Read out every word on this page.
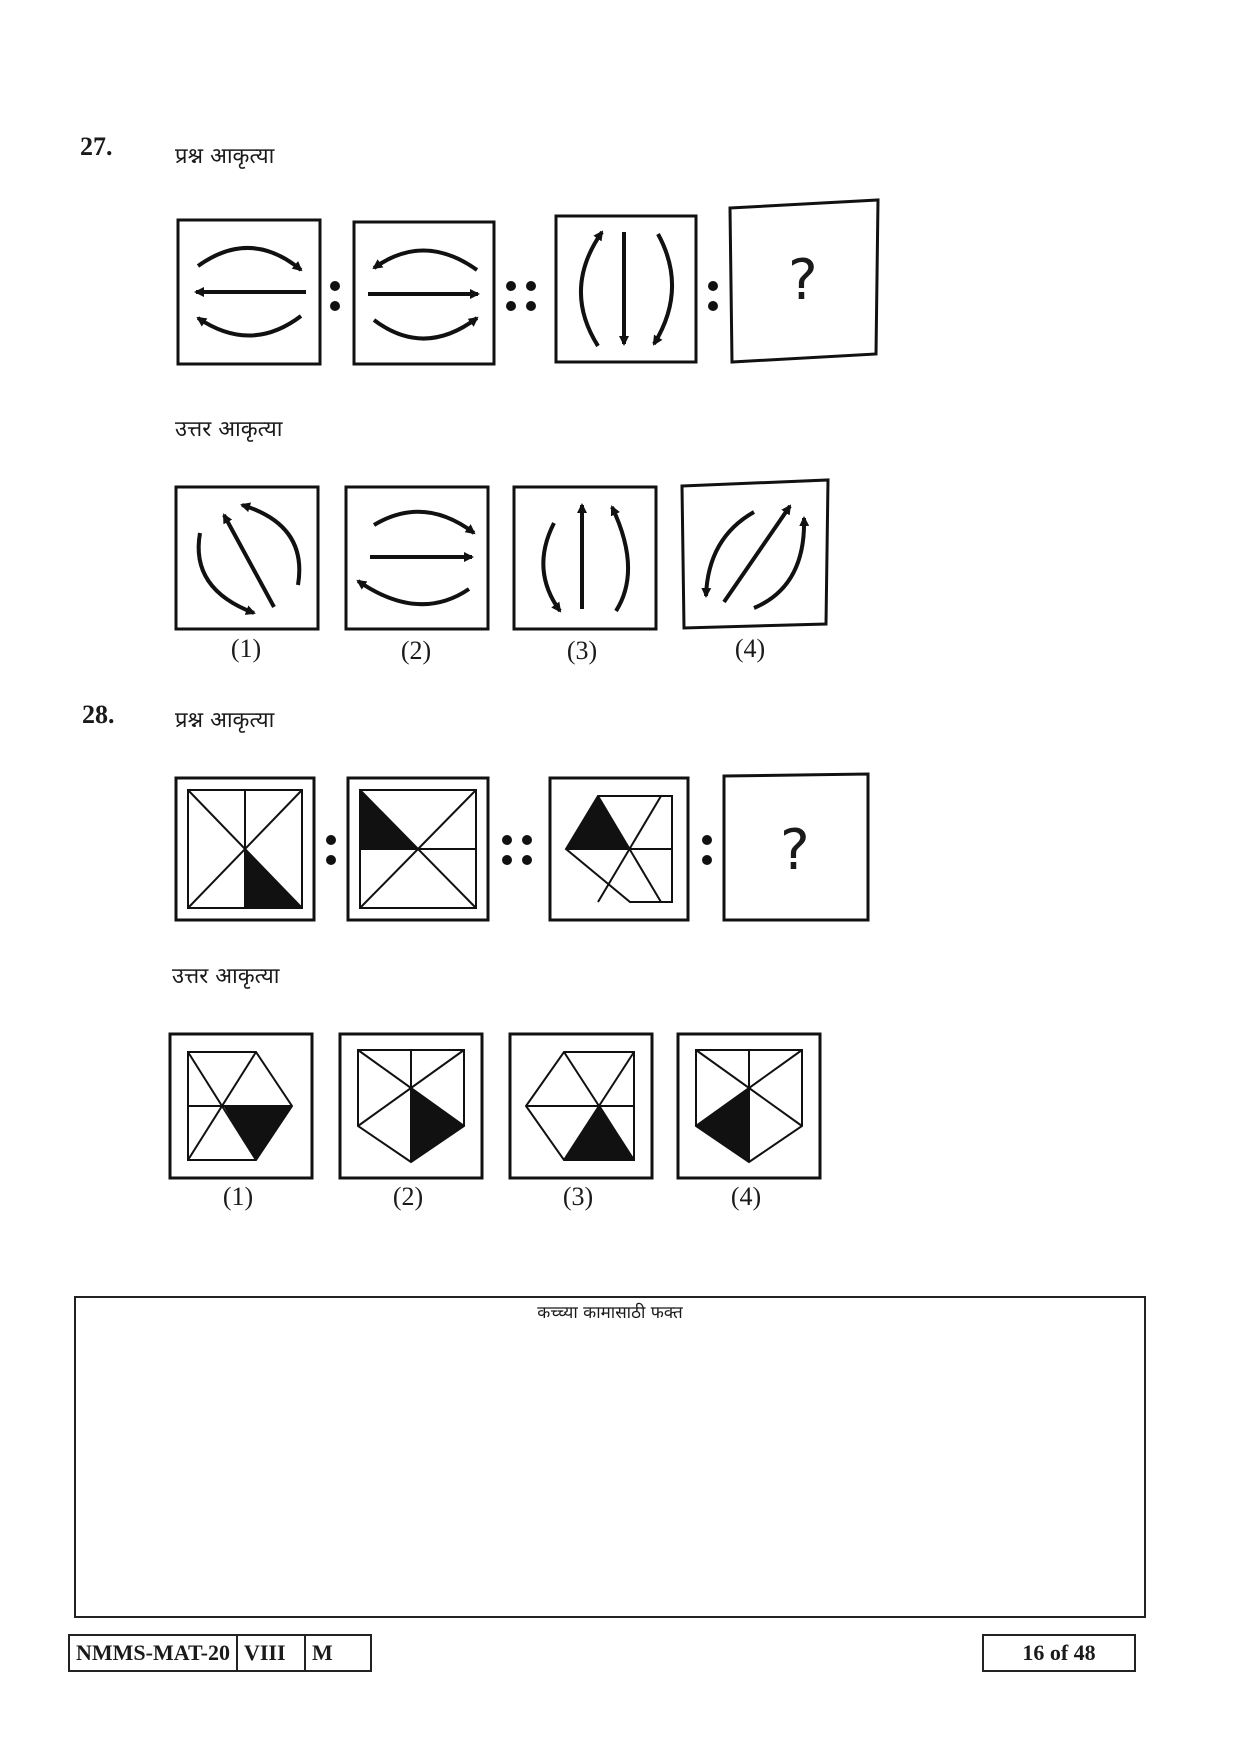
27.	प्रश्न आकृत्या
?
उत्तर आकृत्या
(1)	(2)	(3)	(4)
28.	प्रश्न आकृत्या
?
उत्तर आकृत्या
(1)	(2)	(3)	(4)
कच्च्या कामासाठी फक्त
NMMS-MAT-20 VIII	M	16 of 48
